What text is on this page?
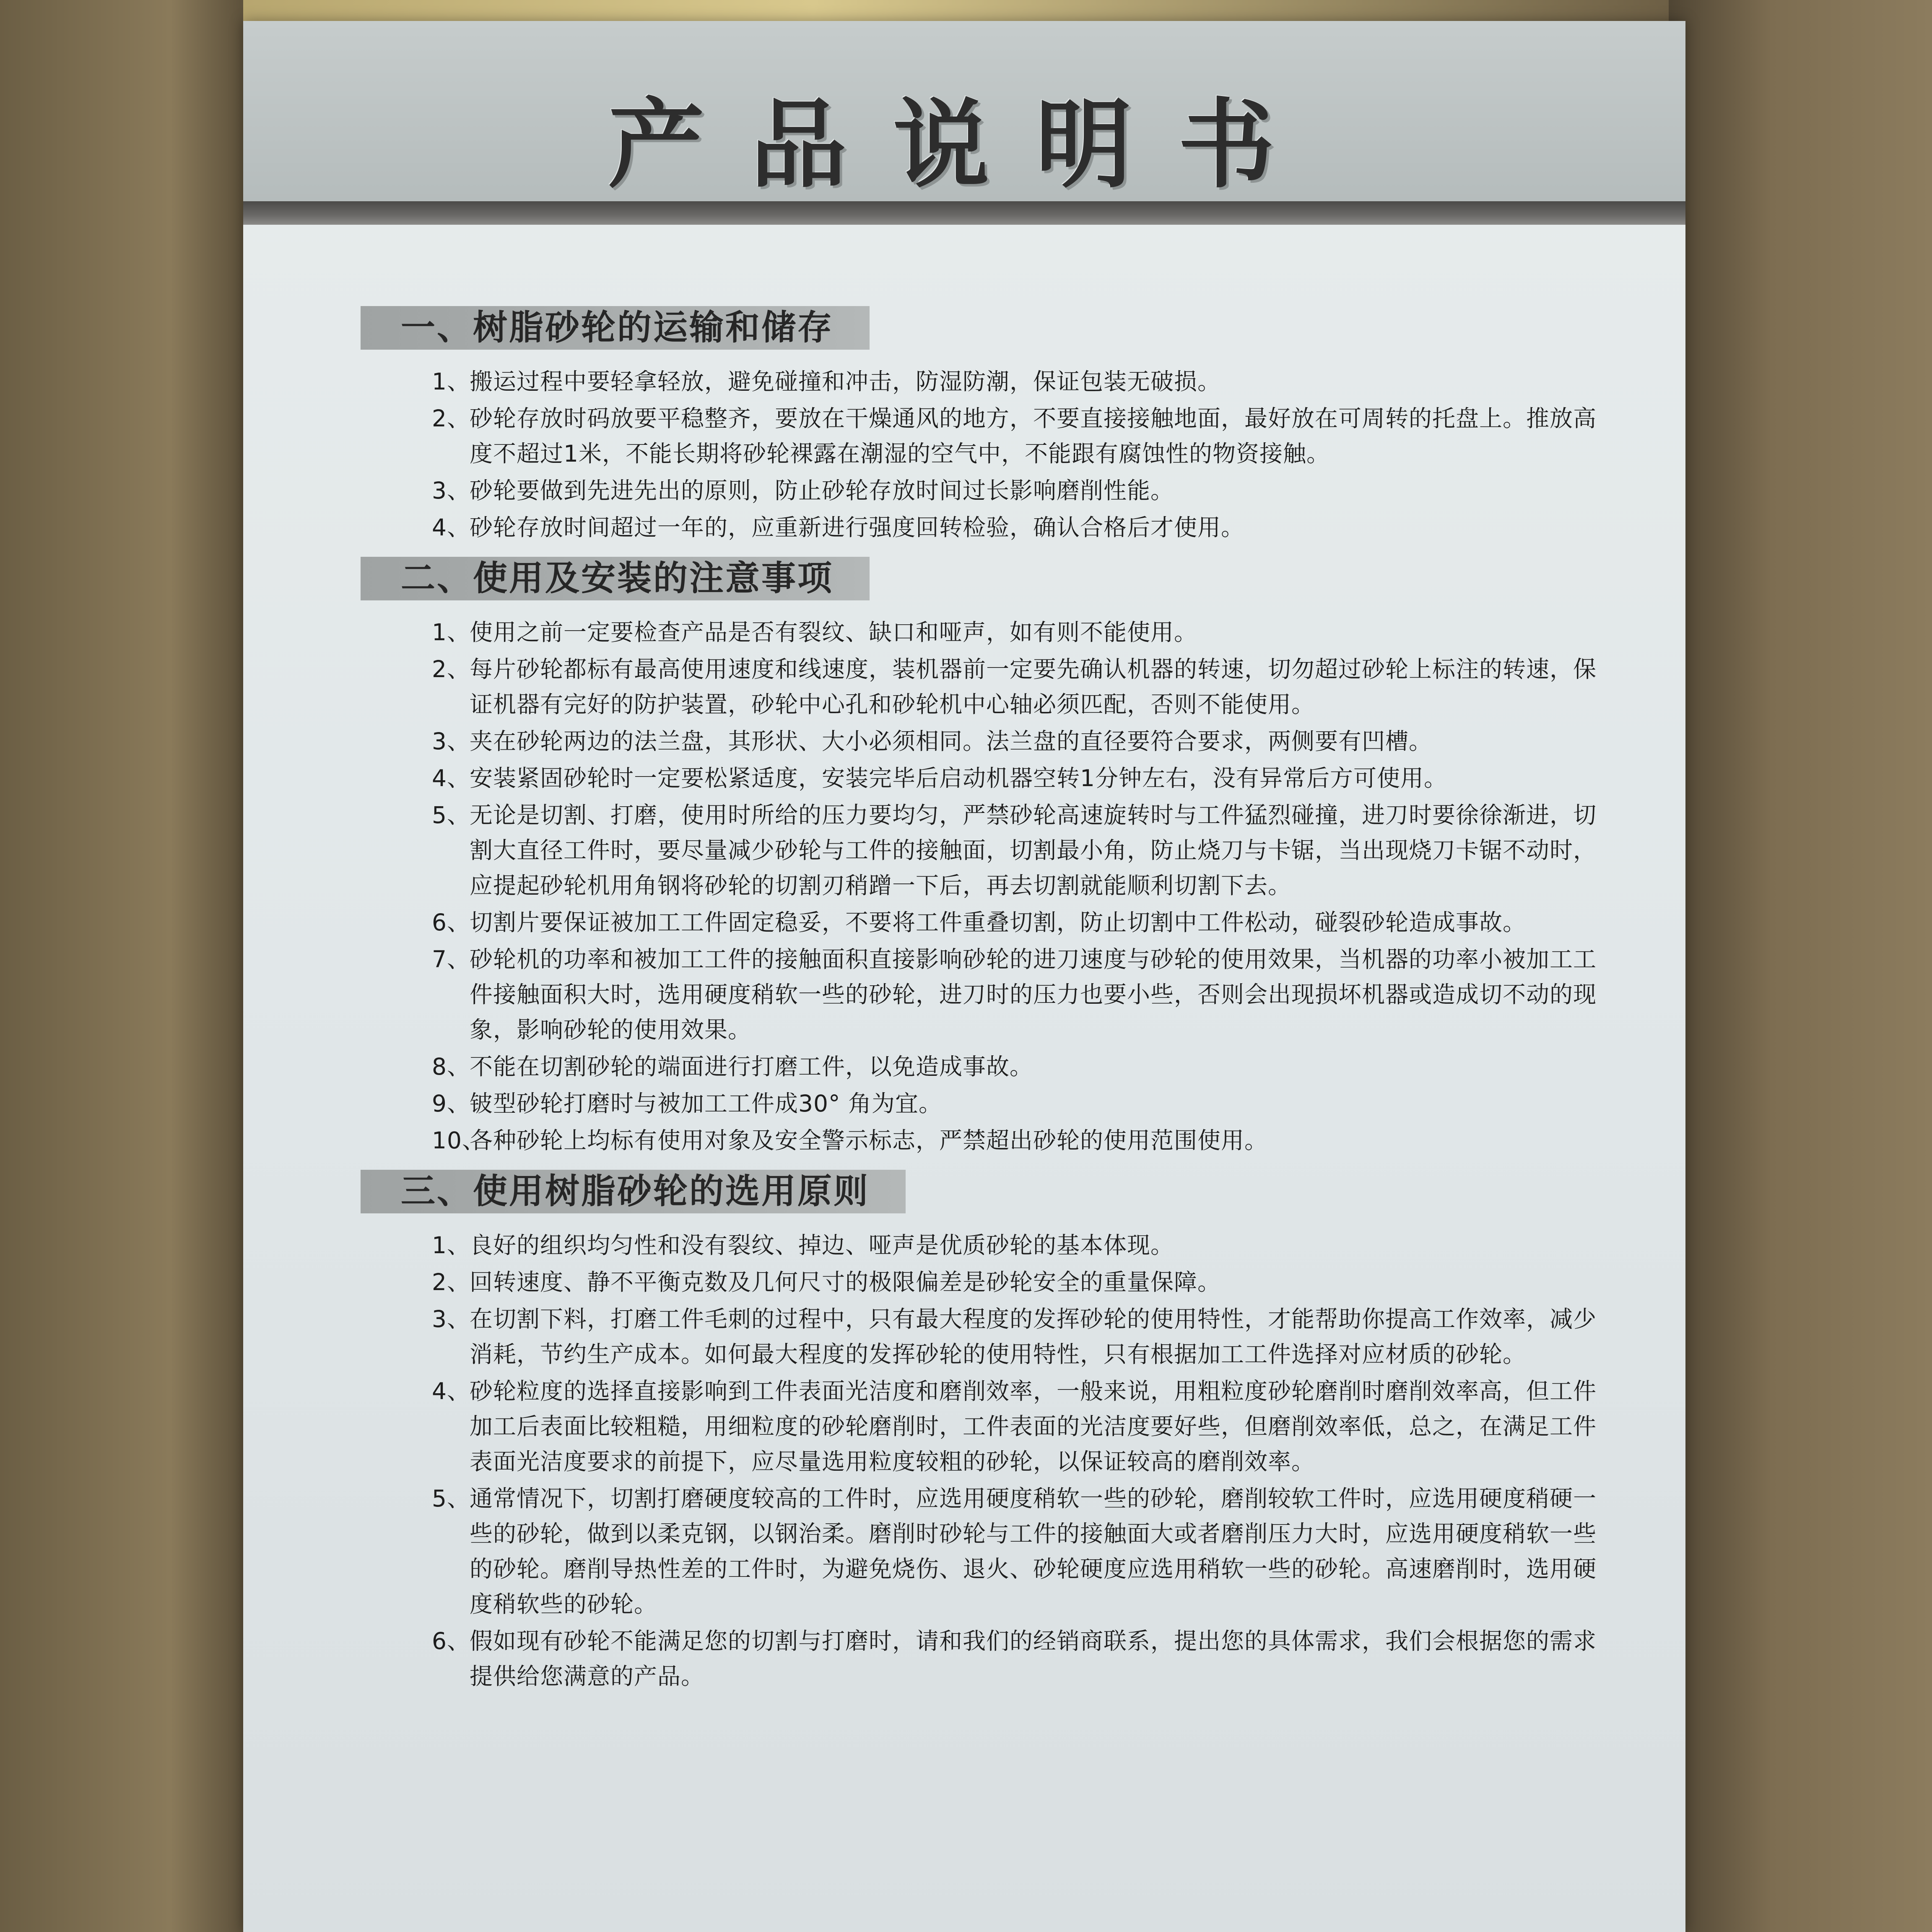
产品说明书
一、树脂砂轮的运输和储存
1、
搬运过程中要轻拿轻放，避免碰撞和冲击，防湿防潮，保证包装无破损。
2、
砂轮存放时码放要平稳整齐，要放在干燥通风的地方，不要直接接触地面，最好放在可周转的托盘上。推放高度不超过1米，不能长期将砂轮裸露在潮湿的空气中，不能跟有腐蚀性的物资接触。
3、
砂轮要做到先进先出的原则，防止砂轮存放时间过长影响磨削性能。
4、
砂轮存放时间超过一年的，应重新进行强度回转检验，确认合格后才使用。
二、使用及安装的注意事项
1、
使用之前一定要检查产品是否有裂纹、缺口和哑声，如有则不能使用。
2、
每片砂轮都标有最高使用速度和线速度，装机器前一定要先确认机器的转速，切勿超过砂轮上标注的转速，保证机器有完好的防护装置，砂轮中心孔和砂轮机中心轴必须匹配，否则不能使用。
3、
夹在砂轮两边的法兰盘，其形状、大小必须相同。法兰盘的直径要符合要求，两侧要有凹槽。
4、
安装紧固砂轮时一定要松紧适度，安装完毕后启动机器空转1分钟左右，没有异常后方可使用。
5、
无论是切割、打磨，使用时所给的压力要均匀，严禁砂轮高速旋转时与工件猛烈碰撞，进刀时要徐徐渐进，切割大直径工件时，要尽量减少砂轮与工件的接触面，切割最小角，防止烧刀与卡锯，当出现烧刀卡锯不动时，应提起砂轮机用角钢将砂轮的切割刃稍蹭一下后，再去切割就能顺利切割下去。
6、
切割片要保证被加工工件固定稳妥，不要将工件重叠切割，防止切割中工件松动，碰裂砂轮造成事故。
7、
砂轮机的功率和被加工工件的接触面积直接影响砂轮的进刀速度与砂轮的使用效果，当机器的功率小被加工工件接触面积大时，选用硬度稍软一些的砂轮，进刀时的压力也要小些，否则会出现损坏机器或造成切不动的现象，影响砂轮的使用效果。
8、
不能在切割砂轮的端面进行打磨工件，以免造成事故。
9、
铍型砂轮打磨时与被加工工件成30° 角为宜。
10、
各种砂轮上均标有使用对象及安全警示标志，严禁超出砂轮的使用范围使用。
三、使用树脂砂轮的选用原则
1、
良好的组织均匀性和没有裂纹、掉边、哑声是优质砂轮的基本体现。
2、
回转速度、静不平衡克数及几何尺寸的极限偏差是砂轮安全的重量保障。
3、
在切割下料，打磨工件毛刺的过程中，只有最大程度的发挥砂轮的使用特性，才能帮助你提高工作效率，减少消耗，节约生产成本。如何最大程度的发挥砂轮的使用特性，只有根据加工工件选择对应材质的砂轮。
4、
砂轮粒度的选择直接影响到工件表面光洁度和磨削效率，一般来说，用粗粒度砂轮磨削时磨削效率高，但工件加工后表面比较粗糙，用细粒度的砂轮磨削时，工件表面的光洁度要好些，但磨削效率低，总之，在满足工件表面光洁度要求的前提下，应尽量选用粒度较粗的砂轮，以保证较高的磨削效率。
5、
通常情况下，切割打磨硬度较高的工件时，应选用硬度稍软一些的砂轮，磨削较软工件时，应选用硬度稍硬一些的砂轮，做到以柔克钢，以钢治柔。磨削时砂轮与工件的接触面大或者磨削压力大时，应选用硬度稍软一些的砂轮。磨削导热性差的工件时，为避免烧伤、退火、砂轮硬度应选用稍软一些的砂轮。高速磨削时，选用硬度稍软些的砂轮。
6、
假如现有砂轮不能满足您的切割与打磨时，请和我们的经销商联系，提出您的具体需求，我们会根据您的需求提供给您满意的产品。
